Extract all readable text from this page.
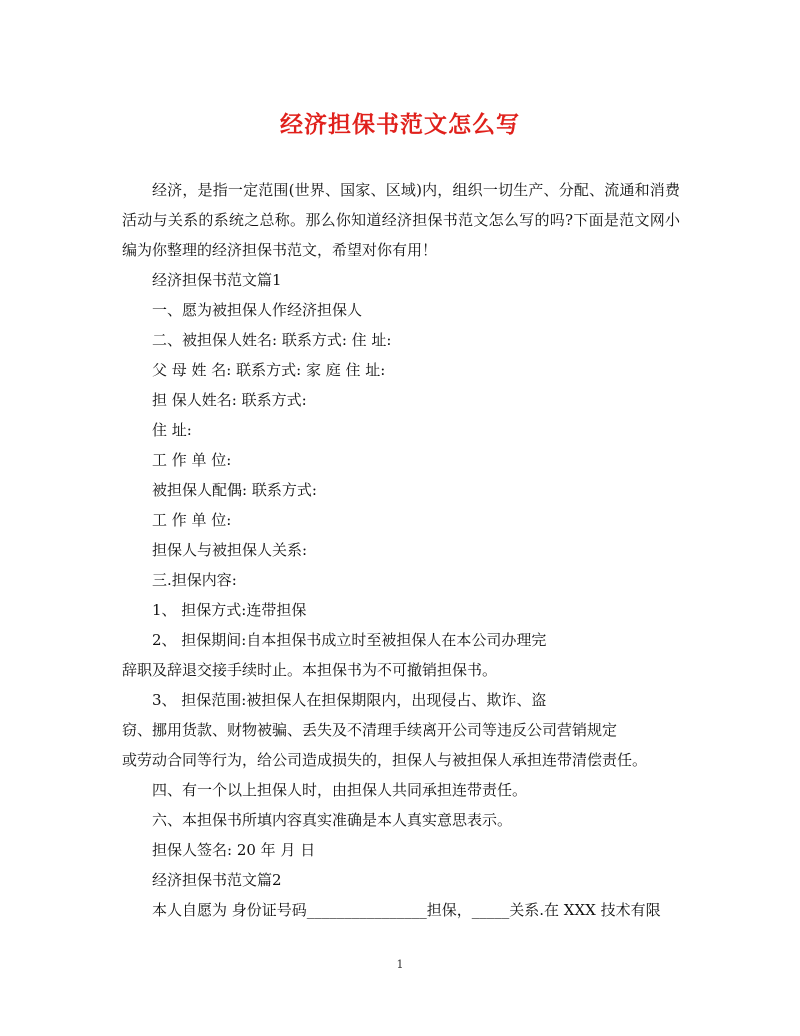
经济担保书范文怎么写

经济，是指一定范围(世界、国家、区域)内，组织一切生产、分配、流通和消费活动与关系的系统之总称。那么你知道经济担保书范文怎么写的吗?下面是范文网小编为你整理的经济担保书范文，希望对你有用！

经济担保书范文篇1

一、愿为被担保人作经济担保人

二、被担保人姓名: 联系方式: 住 址:

父 母 姓 名: 联系方式: 家 庭 住 址:

担 保人姓名: 联系方式:

住 址:

工 作 单 位:

被担保人配偶: 联系方式:

工 作 单 位:

担保人与被担保人关系:

三.担保内容:

1、 担保方式:连带担保

2、 担保期间:自本担保书成立时至被担保人在本公司办理完

辞职及辞退交接手续时止。本担保书为不可撤销担保书。

3、 担保范围:被担保人在担保期限内，出现侵占、欺诈、盗

窃、挪用货款、财物被骗、丢失及不清理手续离开公司等违反公司营销规定

或劳动合同等行为，给公司造成损失的，担保人与被担保人承担连带清偿责任。

四、有一个以上担保人时，由担保人共同承担连带责任。

六、本担保书所填内容真实准确是本人真实意思表示。

担保人签名: 20 年 月 日

经济担保书范文篇2

本人自愿为 身份证号码________________担保，_____关系.在 XXX 技术有限

1
